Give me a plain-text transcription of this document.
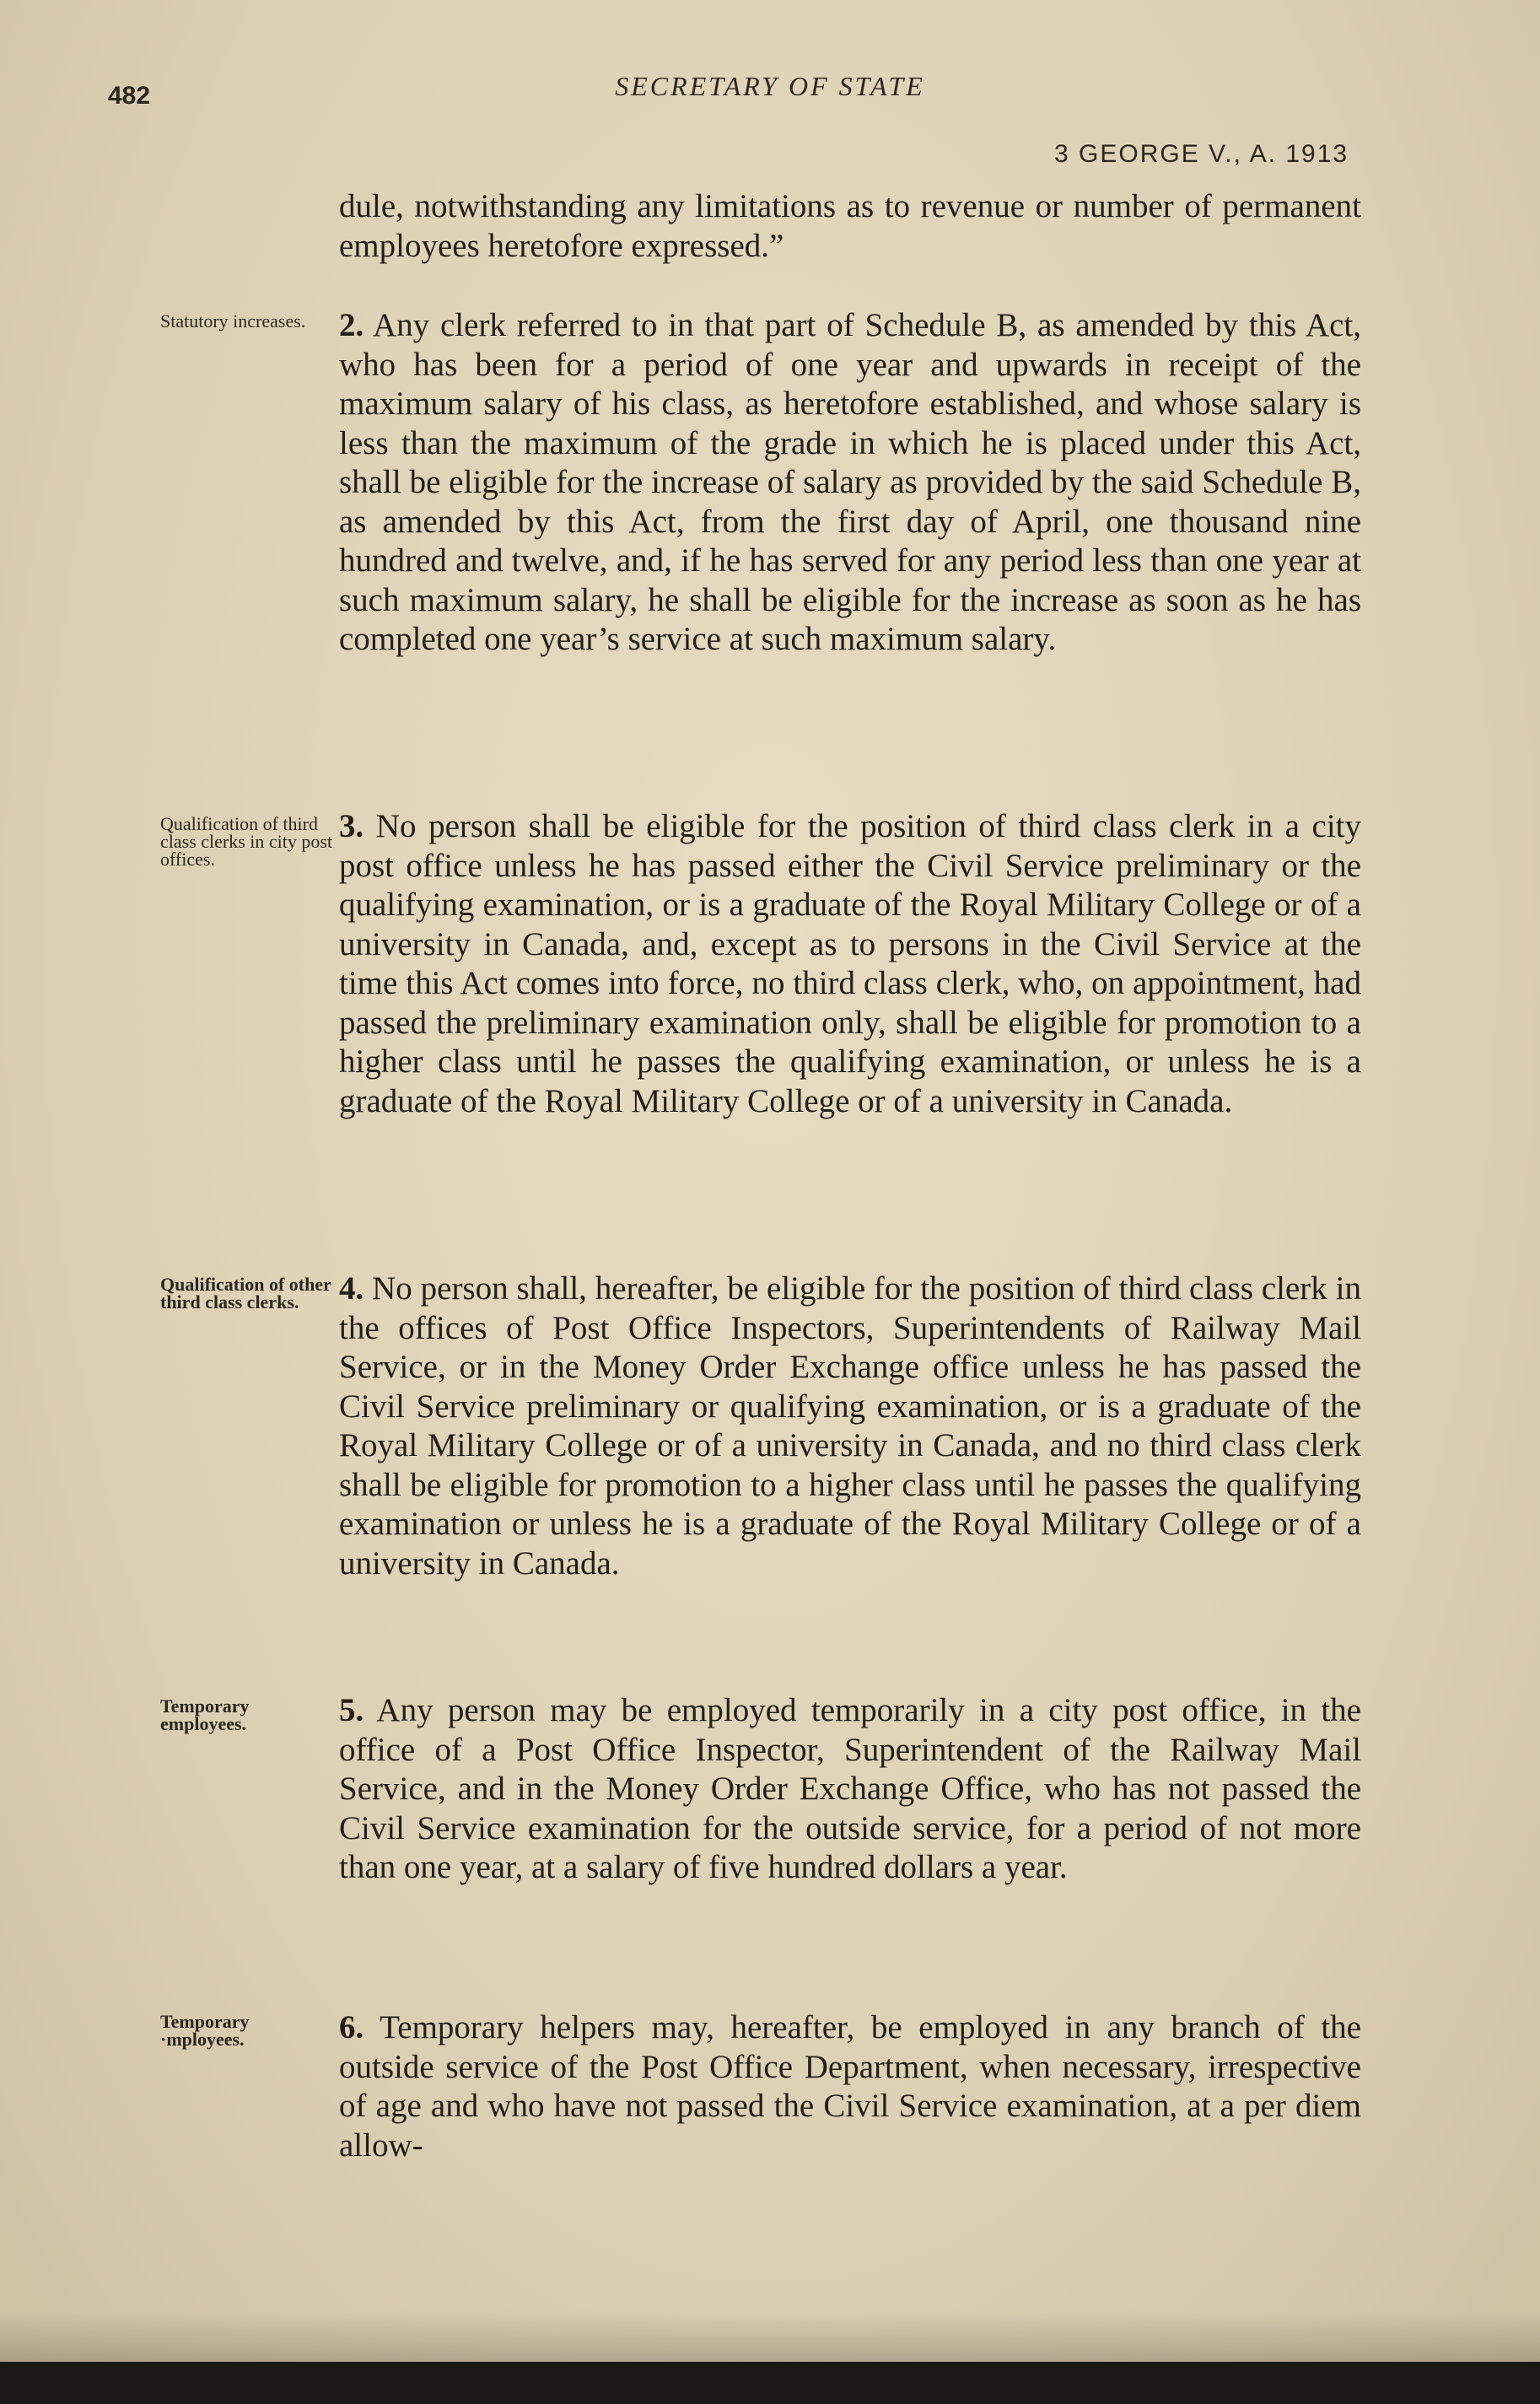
482	SECRETARY OF STATE
3 GEORGE V., A. 1913
dule, notwithstanding any limitations as to revenue or number of permanent employees heretofore expressed.”
Statutory increases.	2. Any clerk referred to in that part of Schedule B, as amended by this Act, who has been for a period of one year and upwards in receipt of the maximum salary of his class, as heretofore established, and whose salary is less than the maximum of the grade in which he is placed under this Act, shall be eligible for the increase of salary as provided by the said Schedule B, as amended by this Act, from the first day of April, one thousand nine hundred and twelve, and, if he has served for any period less than one year at such maximum salary, he shall be eligible for the increase as soon as he has completed one year’s service at such maximum salary.
Qualification of third class clerks in city post offices.
3. No person shall be eligible for the position of third class clerk in a city post office unless he has passed either the Civil Service preliminary or the qualifying examination, or is a graduate of the Royal Military College or of a university in Canada, and, except as to persons in the Civil Service at the time this Act comes into force, no third class clerk, who, on appointment, had passed the preliminary examination only, shall be eligible for promotion to a higher class until he passes the qualifying examination, or unless he is a graduate of the Royal Military College or of a university in Canada.
Qualification of other third class clerks.	4. No person shall, hereafter, be eligible for the position of third class clerk in the offices of Post Office Inspectors, Superintendents of Railway Mail Service, or in the Money Order Exchange office unless he has passed the Civil Service preliminary or qualifying examination, or is a graduate of the Royal Military College or of a university in Canada, and no third class clerk shall be eligible for promotion to a higher class until he passes the qualifying examination or unless he is a graduate of the Royal Military College or of a university in Canada.
Temporary employees.	5. Any person may be employed temporarily in a city post office, in the office of a Post Office Inspector, Superintendent of the Railway Mail Service, and in the Money Order Exchange Office, who has not passed the Civil Service examination for the outside service, for a period of not more than one year, at a salary of five hundred dollars a year.
Temporary ·mployees.	6. Temporary helpers may, hereafter, be employed in any branch of the outside service of the Post Office Department, when necessary, irrespective of age and who have not passed the Civil Service examination, at a per diem allow-
